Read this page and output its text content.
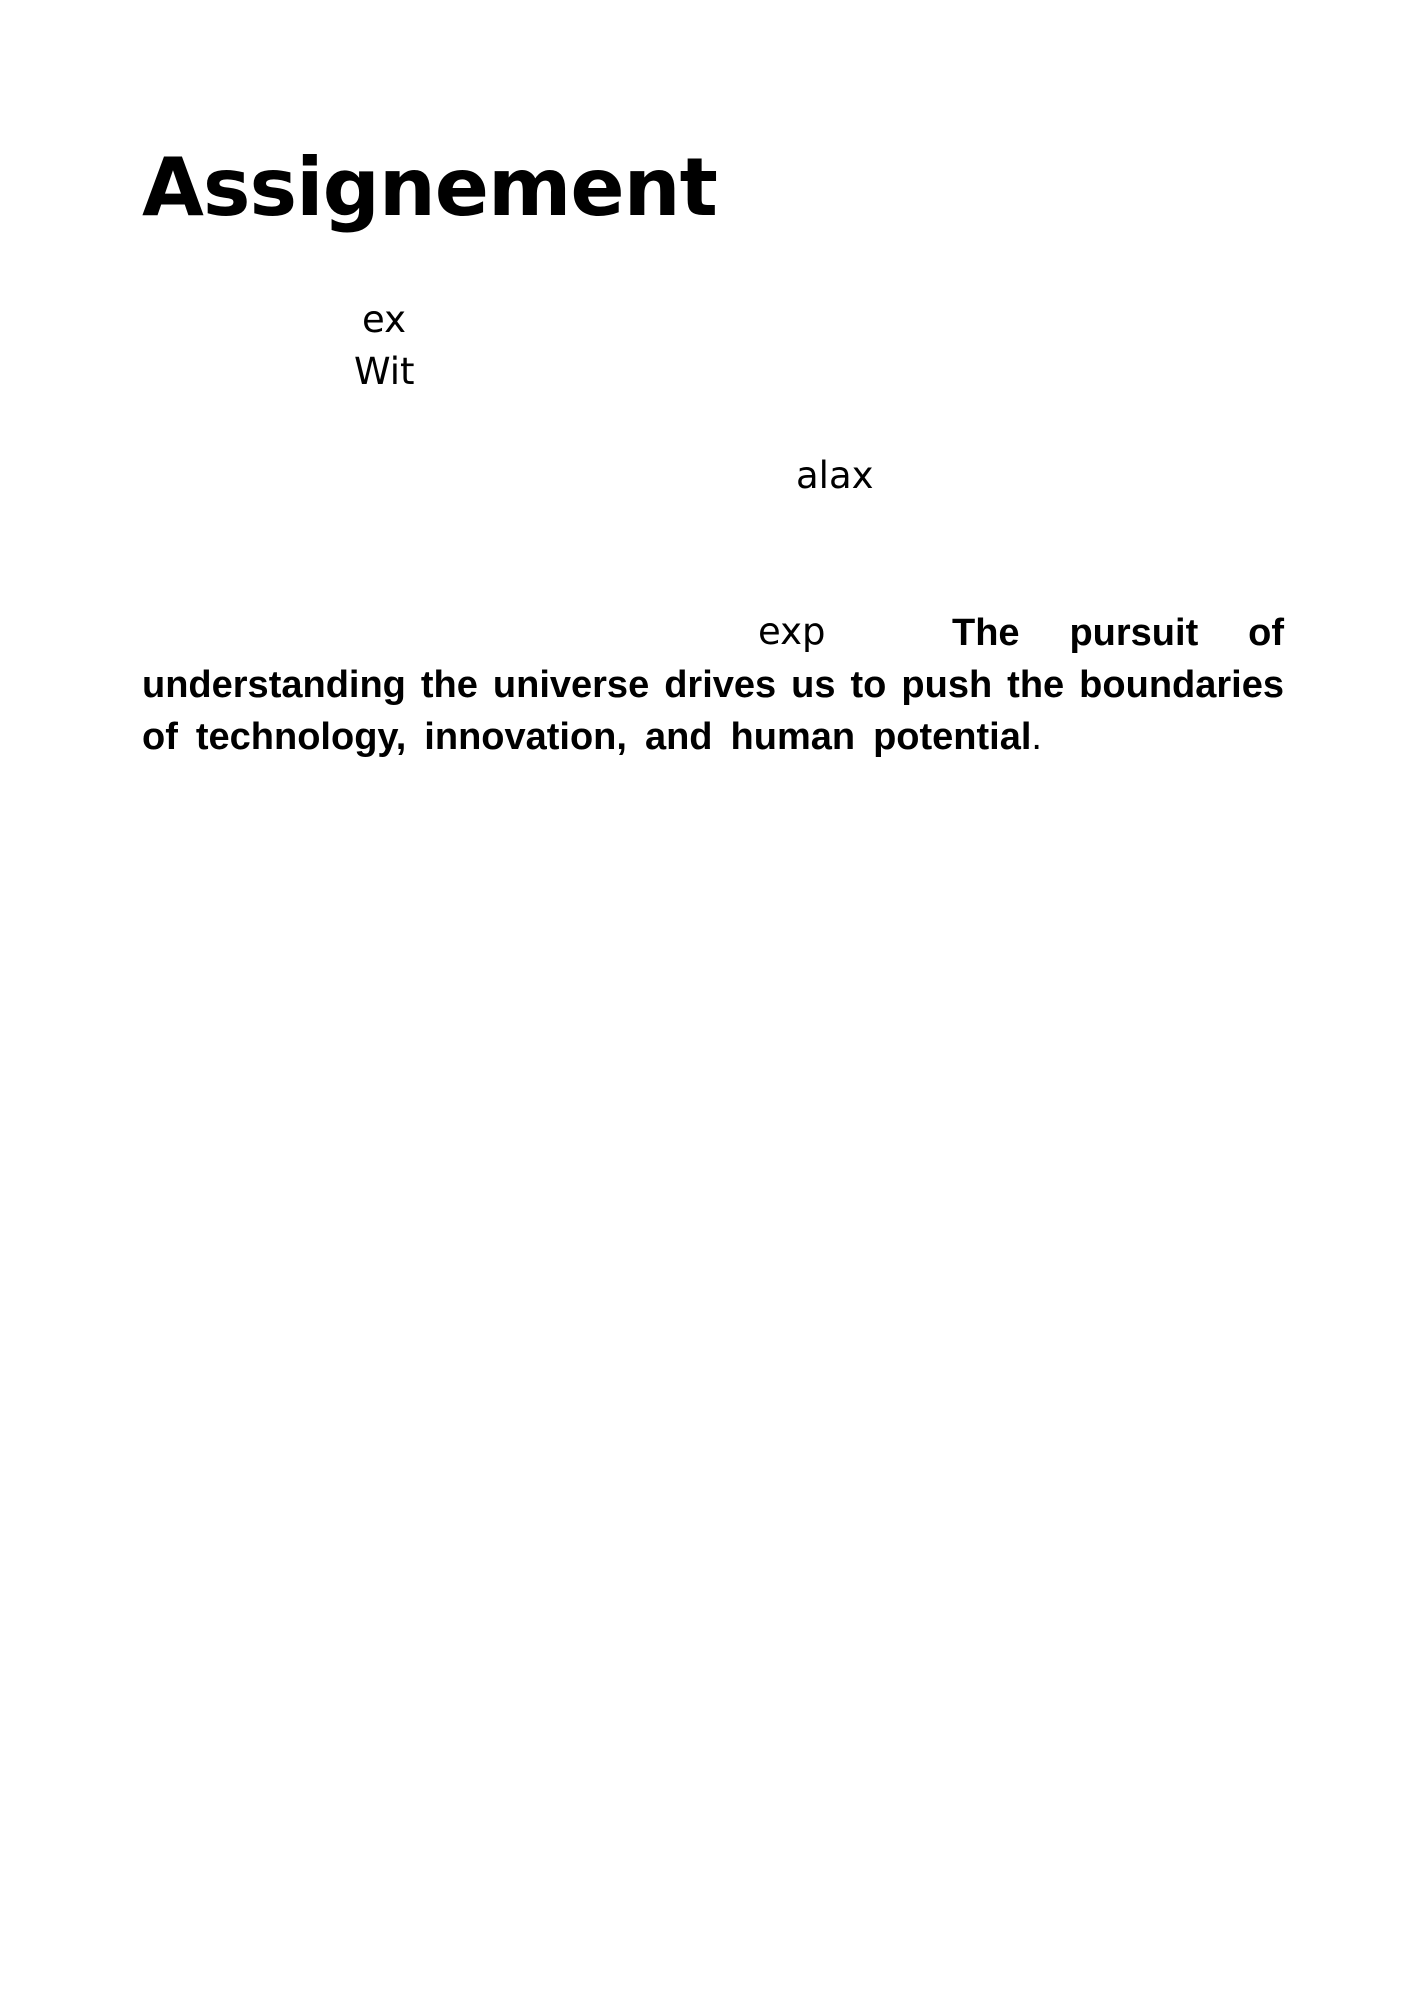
Assignement
ex
Wit
alax
exp	The pursuit of
understanding the universe drives us to push the boundaries
of technology, innovation, and human potential.
